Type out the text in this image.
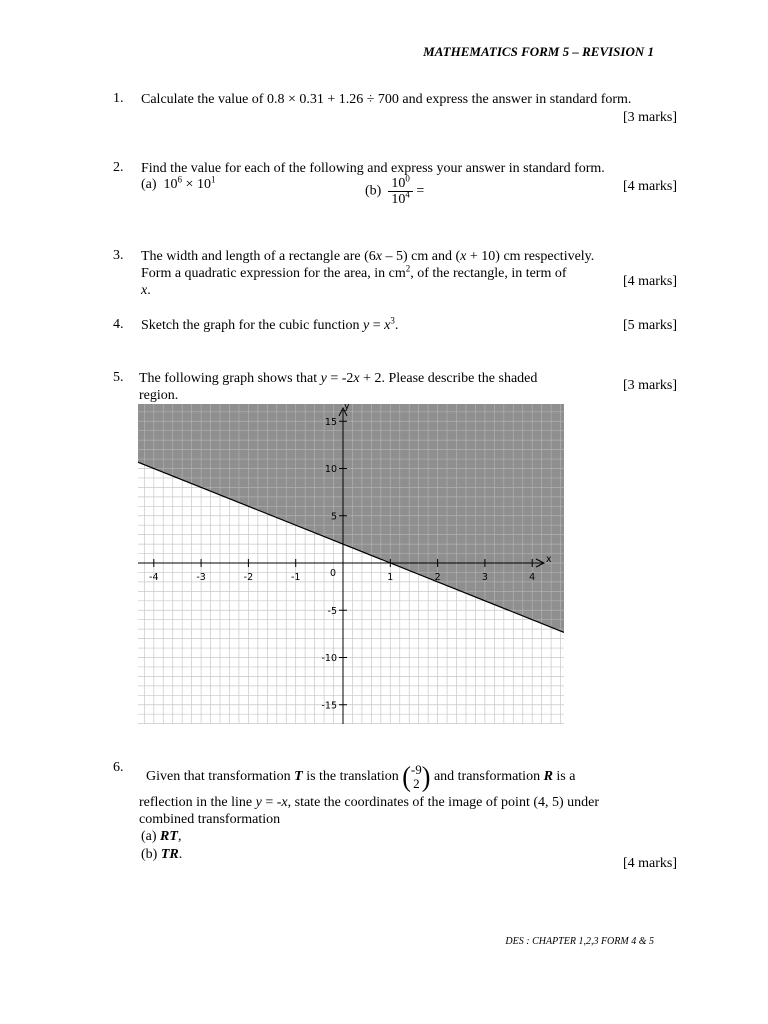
MATHEMATICS FORM 5 – REVISION 1
1.	Calculate the value of 0.8 × 0.31 + 1.26 ÷ 700 and express the answer in standard form.
[3 marks]
2.	Find the value for each of the following and express your answer in standard form.
(a) $10^6 \times 10^1$
$(b) \frac{10^0}{10^4}$ =	[4 marks]
3.	The width and length of a rectangle are (6x – 5) cm and (x + 10) cm respectively.
Form a quadratic expression for the area, in $cm^2$, of the rectangle, in term of
x.
[4 marks]
4.	Sketch the graph for the cubic function $y = x^3$.	[5 marks]
5.	The following graph shows that y = -2x + 2. Please describe the shaded
region.
[3 marks]
x
y
-4	-3	-2	-1	1	2	3	4
15
10
5
-5
-10
-15
0
6.
Given that transformation T is the translation (-9
2) and transformation R is a
reflection in the line y = -x, state the coordinates of the image of point (4, 5) under
combined transformation
(a) RT,
(b) TR.
[4 marks]
DES : CHAPTER 1,2,3 FORM 4 & 5
